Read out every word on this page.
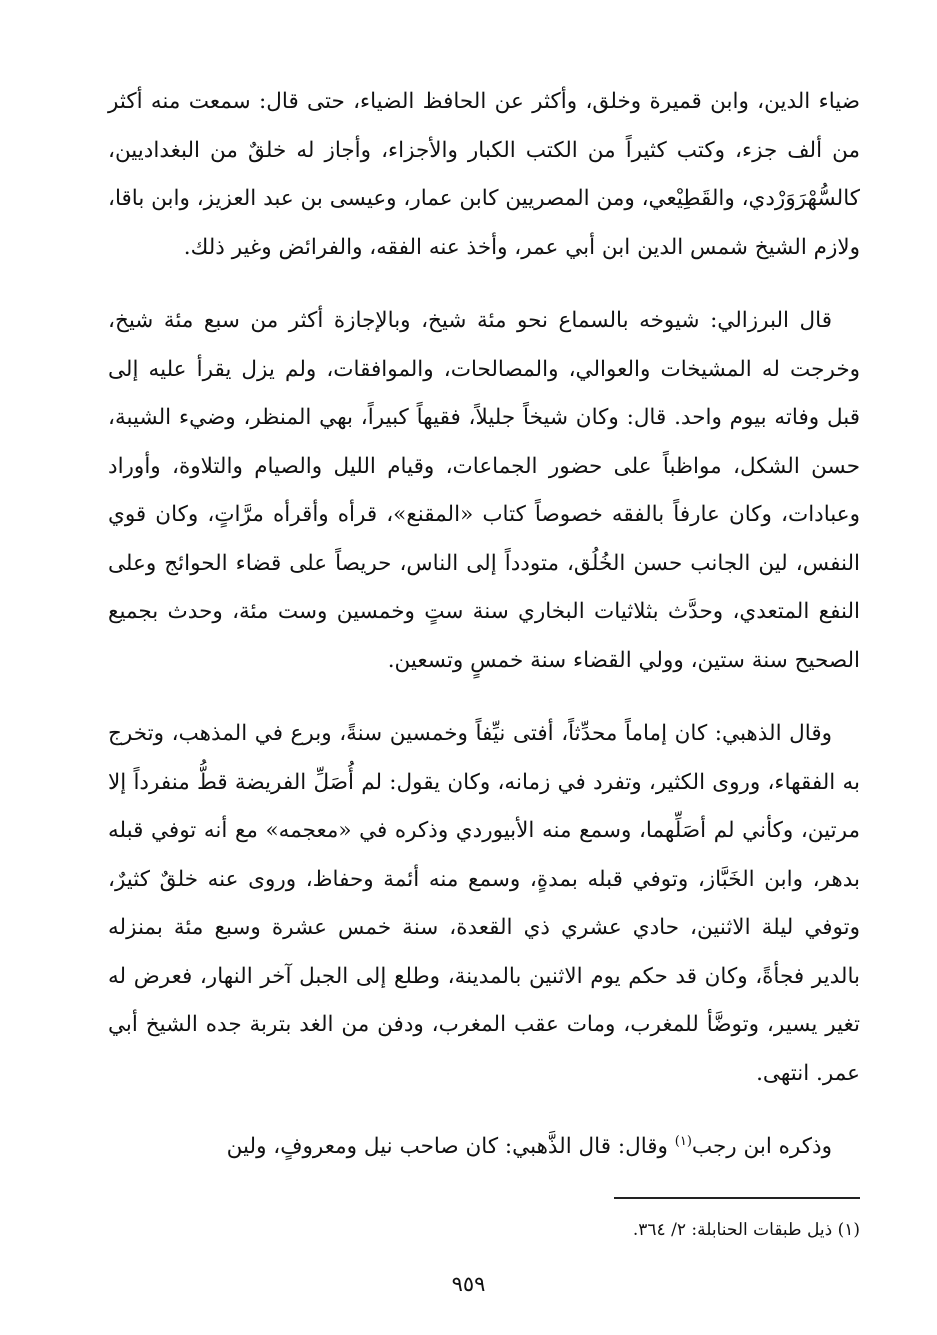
ضياء الدين، وابن قميرة وخلق، وأكثر عن الحافظ الضياء، حتى قال: سمعت منه أكثر من ألف جزء، وكتب كثيراً من الكتب الكبار والأجزاء، وأجاز له خلقٌ من البغداديين، كالسُّهْرَوَرْدي، والقَطِيْعي، ومن المصريين كابن عمار، وعيسى بن عبد العزيز، وابن باقا، ولازم الشيخ شمس الدين ابن أبي عمر، وأخذ عنه الفقه، والفرائض وغير ذلك.

قال البرزالي: شيوخه بالسماع نحو مئة شيخ، وبالإجازة أكثر من سبع مئة شيخ، وخرجت له المشيخات والعوالي، والمصالحات، والموافقات، ولم يزل يقرأ عليه إلى قبل وفاته بيوم واحد. قال: وكان شيخاً جليلاً، فقيهاً كبيراً، بهي المنظر، وضيء الشيبة، حسن الشكل، مواظباً على حضور الجماعات، وقيام الليل والصيام والتلاوة، وأوراد وعبادات، وكان عارفاً بالفقه خصوصاً كتاب «المقنع»، قرأه وأقرأه مرَّاتٍ، وكان قوي النفس، لين الجانب حسن الخُلُق، متودداً إلى الناس، حريصاً على قضاء الحوائج وعلى النفع المتعدي، وحدَّث بثلاثيات البخاري سنة ستٍ وخمسين وست مئة، وحدث بجميع الصحيح سنة ستين، وولي القضاء سنة خمسٍ وتسعين.

وقال الذهبي: كان إماماً محدِّثاً، أفتى نيِّفاً وخمسين سنةً، وبرع في المذهب، وتخرج به الفقهاء، وروى الكثير، وتفرد في زمانه، وكان يقول: لم أُصَلِّ الفريضة قطُّ منفرداً إلا مرتين، وكأني لم أصَلِّهما، وسمع منه الأبيوردي وذكره في «معجمه» مع أنه توفي قبله بدهر، وابن الخَبَّاز، وتوفي قبله بمدةٍ، وسمع منه أئمة وحفاظ، وروى عنه خلقٌ كثيرٌ، وتوفي ليلة الاثنين، حادي عشري ذي القعدة، سنة خمس عشرة وسبع مئة بمنزله بالدير فجأةً، وكان قد حكم يوم الاثنين بالمدينة، وطلع إلى الجبل آخر النهار، فعرض له تغير يسير، وتوضَّأ للمغرب، ومات عقب المغرب، ودفن من الغد بتربة جده الشيخ أبي عمر. انتهى.

وذكره ابن رجب$^{(١)}$ وقال: قال الذَّهبي: كان صاحب نيل ومعروفٍ، ولين

(١) ذيل طبقات الحنابلة: ٢/ ٣٦٤.
٩٥٩
